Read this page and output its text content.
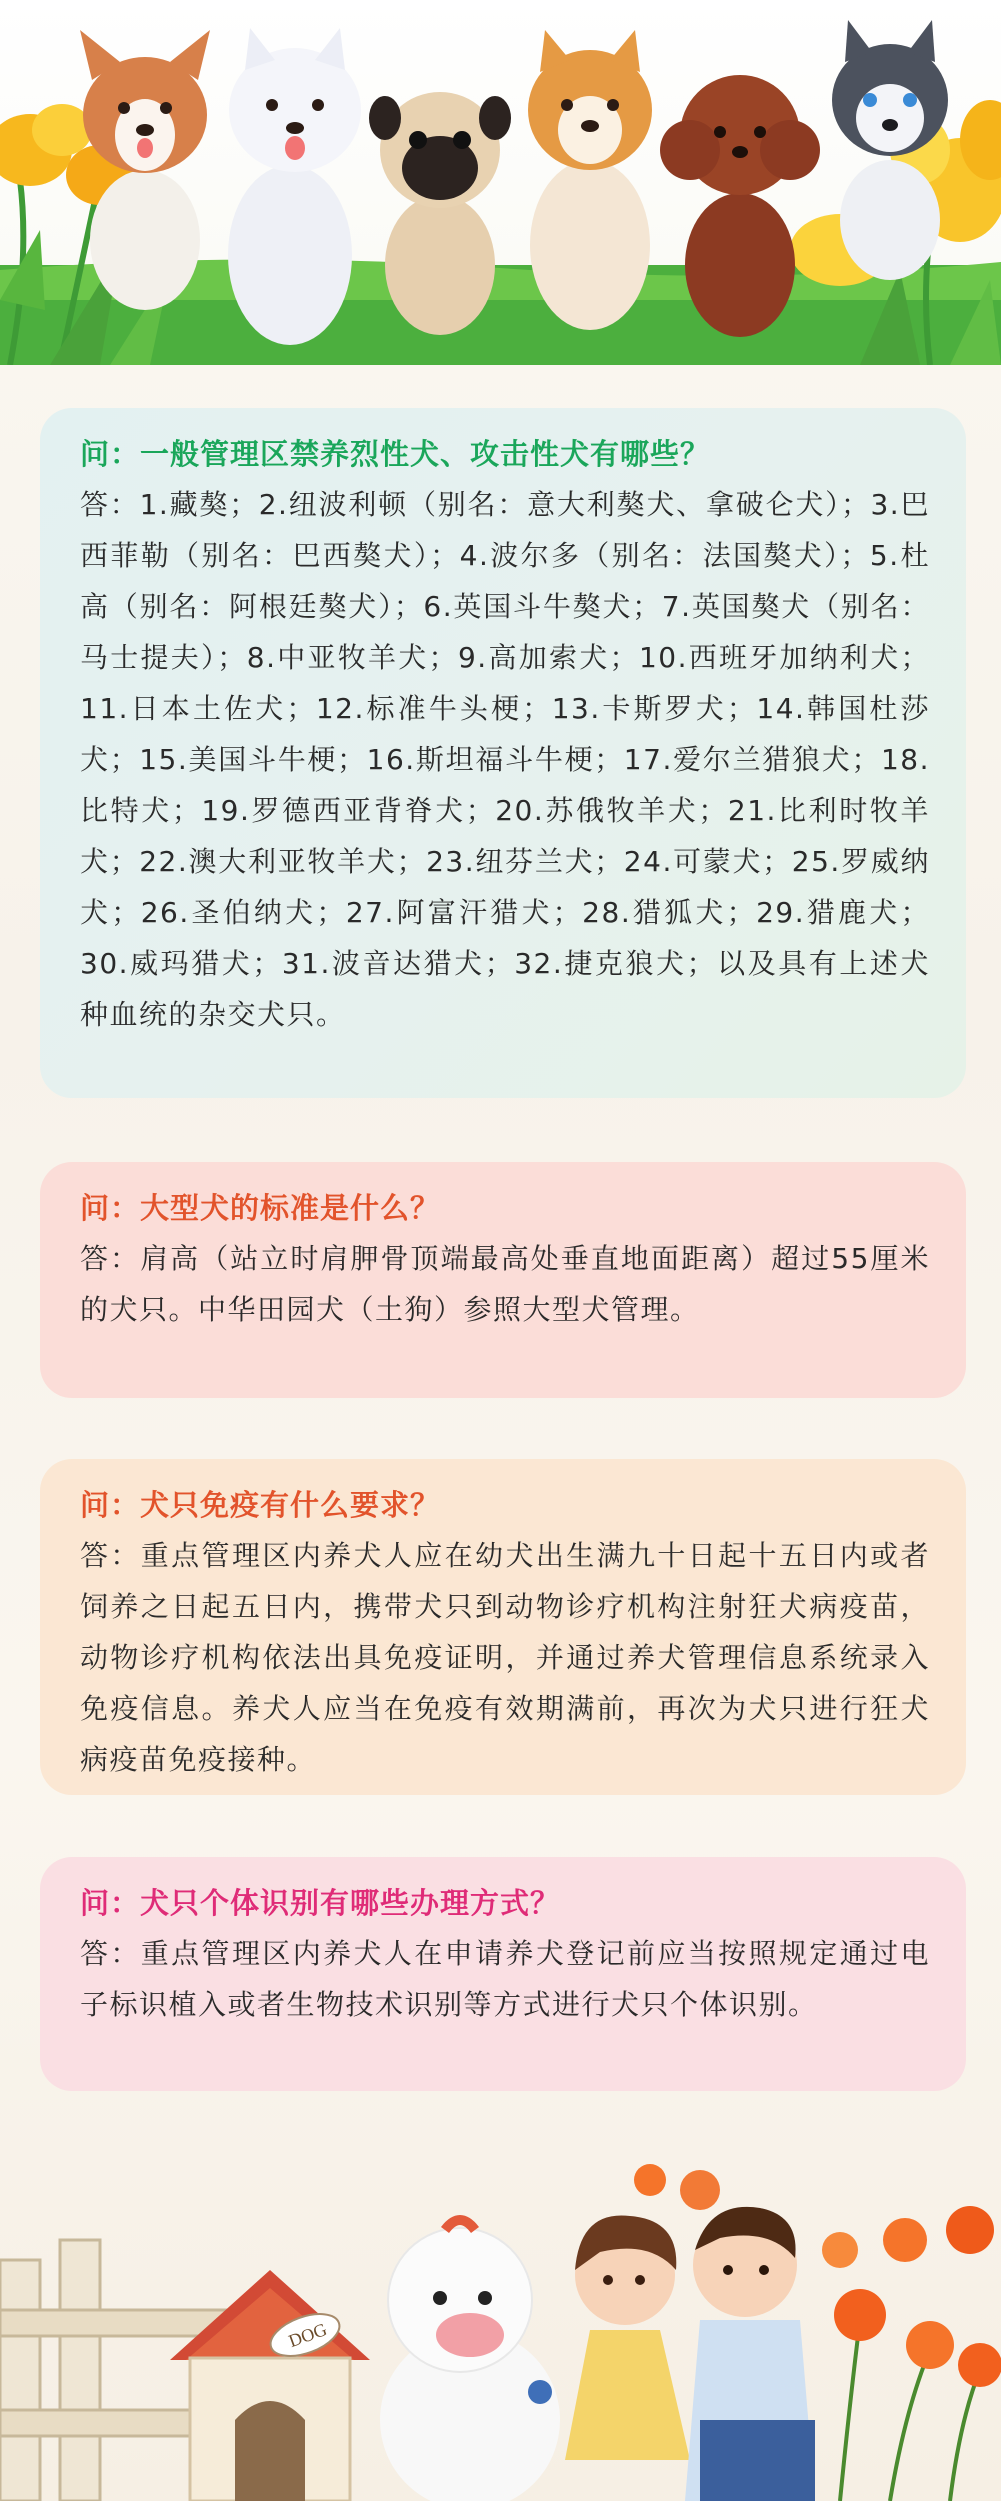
问：一般管理区禁养烈性犬、攻击性犬有哪些？

答：1.藏獒；2.纽波利顿（别名：意大利獒犬、拿破仑犬）；3.巴西菲勒（别名：巴西獒犬）；4.波尔多（别名：法国獒犬）；5.杜高（别名：阿根廷獒犬）；6.英国斗牛獒犬；7.英国獒犬（别名：马士提夫）；8.中亚牧羊犬；9.高加索犬；10.西班牙加纳利犬；11.日本土佐犬；12.标准牛头梗；13.卡斯罗犬；14.韩国杜莎犬；15.美国斗牛梗；16.斯坦福斗牛梗；17.爱尔兰猎狼犬；18.比特犬；19.罗德西亚背脊犬；20.苏俄牧羊犬；21.比利时牧羊犬；22.澳大利亚牧羊犬；23.纽芬兰犬；24.可蒙犬；25.罗威纳犬；26.圣伯纳犬；27.阿富汗猎犬；28.猎狐犬；29.猎鹿犬；30.威玛猎犬；31.波音达猎犬；32.捷克狼犬；以及具有上述犬种血统的杂交犬只。

问：大型犬的标准是什么？

答：肩高（站立时肩胛骨顶端最高处垂直地面距离）超过55厘米的犬只。中华田园犬（土狗）参照大型犬管理。

问：犬只免疫有什么要求？

答：重点管理区内养犬人应在幼犬出生满九十日起十五日内或者饲养之日起五日内，携带犬只到动物诊疗机构注射狂犬病疫苗，动物诊疗机构依法出具免疫证明，并通过养犬管理信息系统录入免疫信息。养犬人应当在免疫有效期满前，再次为犬只进行狂犬病疫苗免疫接种。

问：犬只个体识别有哪些办理方式？

答：重点管理区内养犬人在申请养犬登记前应当按照规定通过电子标识植入或者生物技术识别等方式进行犬只个体识别。

DOG
